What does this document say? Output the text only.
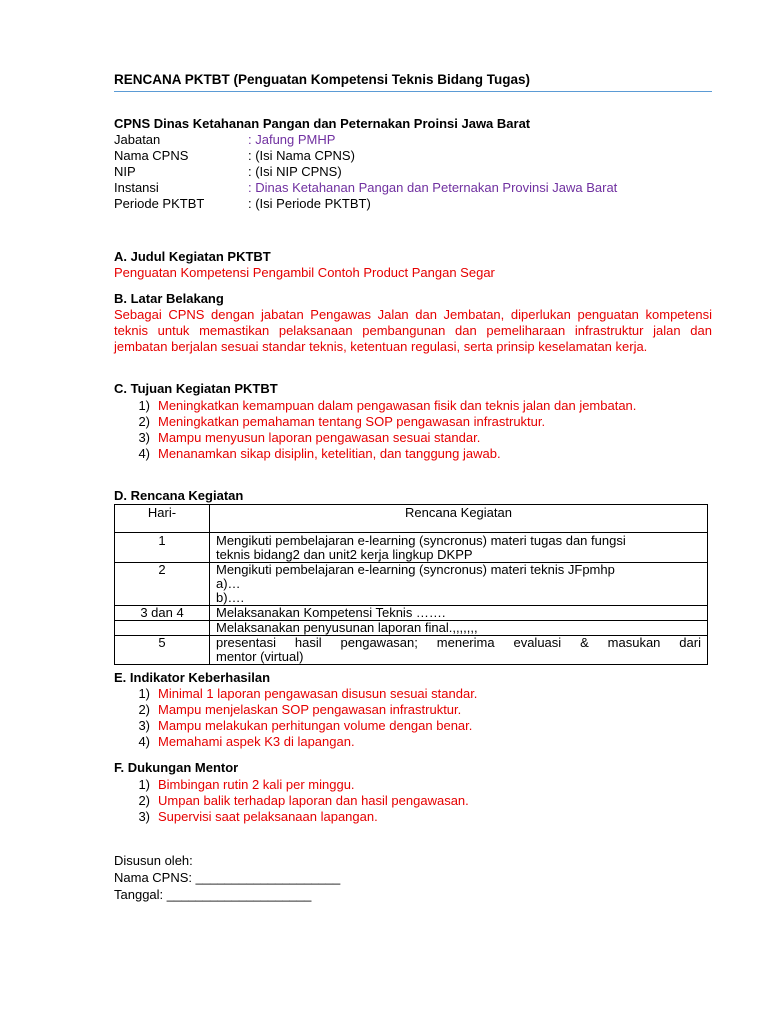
RENCANA PKTBT (Penguatan Kompetensi Teknis Bidang Tugas)
CPNS Dinas Ketahanan Pangan dan Peternakan Proinsi Jawa Barat
Jabatan	: Jafung PMHP
Nama CPNS	: (Isi Nama CPNS)
NIP	: (Isi NIP CPNS)
Instansi	: Dinas Ketahanan Pangan dan Peternakan Provinsi Jawa Barat
Periode PKTBT	: (Isi Periode PKTBT)
A. Judul Kegiatan PKTBT
Penguatan Kompetensi Pengambil Contoh Product Pangan Segar
B. Latar Belakang
Sebagai CPNS dengan jabatan Pengawas Jalan dan Jembatan, diperlukan penguatan kompetensi teknis untuk memastikan pelaksanaan pembangunan dan pemeliharaan infrastruktur jalan dan jembatan berjalan sesuai standar teknis, ketentuan regulasi, serta prinsip keselamatan kerja.
C. Tujuan Kegiatan PKTBT
1) Meningkatkan kemampuan dalam pengawasan fisik dan teknis jalan dan jembatan.
2) Meningkatkan pemahaman tentang SOP pengawasan infrastruktur.
3) Mampu menyusun laporan pengawasan sesuai standar.
4) Menanamkan sikap disiplin, ketelitian, dan tanggung jawab.
D. Rencana Kegiatan
Hari-	Rencana Kegiatan
1	Mengikuti pembelajaran e-learning (syncronus) materi tugas dan fungsi
teknis bidang2 dan unit2 kerja lingkup DKPP

2	Mengikuti pembelajaran e-learning (syncronus) materi teknis JFpmhp
a)…
b)….

3 dan 4	Melaksanakan Kompetensi Teknis …….

	Melaksanakan penyusunan laporan final.,,,,,,,

5	presentasi hasil pengawasan; menerima evaluasi & masukan dari
mentor (virtual)
E. Indikator Keberhasilan
1) Minimal 1 laporan pengawasan disusun sesuai standar.
2) Mampu menjelaskan SOP pengawasan infrastruktur.
3) Mampu melakukan perhitungan volume dengan benar.
4) Memahami aspek K3 di lapangan.
F. Dukungan Mentor
1) Bimbingan rutin 2 kali per minggu.
2) Umpan balik terhadap laporan dan hasil pengawasan.
3) Supervisi saat pelaksanaan lapangan.
Disusun oleh:
Nama CPNS: ____________________
Tanggal: ____________________
